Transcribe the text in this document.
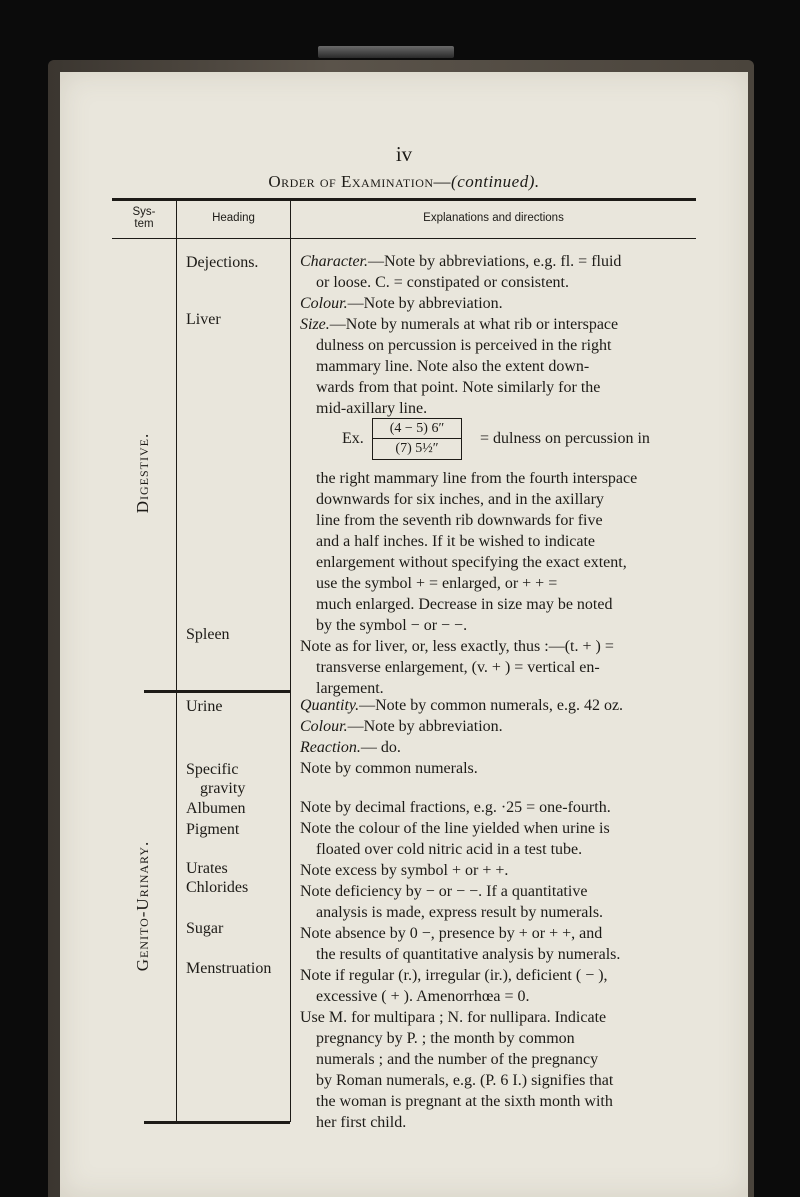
iv
Order of Examination—(continued).
Sys-
tem	Heading	Explanations and directions
Digestive.
Dejections.
Liver
Spleen
Character.—Note by abbreviations, e.g. fl. = fluid
or loose. C. = constipated or consistent.
Colour.—Note by abbreviation.
Size.—Note by numerals at what rib or interspace
dulness on percussion is perceived in the right
mammary line. Note also the extent down-
wards from that point. Note similarly for the
mid-axillary line.
Ex.
(4 − 5) 6″
(7) 5½″
= dulness on percussion in
the right mammary line from the fourth interspace
downwards for six inches, and in the axillary
line from the seventh rib downwards for five
and a half inches. If it be wished to indicate
enlargement without specifying the exact extent,
use the symbol + = enlarged, or + + =
much enlarged. Decrease in size may be noted
by the symbol − or − −.
Note as for liver, or, less exactly, thus :—(t. + ) =
transverse enlargement, (v. + ) = vertical en-
largement.
Genito-Urinary.
Urine
Specific
gravity
Albumen
Pigment
Urates
Chlorides
Sugar
Menstruation
Quantity.—Note by common numerals, e.g. 42 oz.
Colour.—Note by abbreviation.
Reaction.— do.
Note by common numerals.
Note by decimal fractions, e.g. ·25 = one-fourth.
Note the colour of the line yielded when urine is
floated over cold nitric acid in a test tube.
Note excess by symbol + or + +.
Note deficiency by − or − −. If a quantitative
analysis is made, express result by numerals.
Note absence by 0 −, presence by + or + +, and
the results of quantitative analysis by numerals.
Note if regular (r.), irregular (ir.), deficient ( − ),
excessive ( + ). Amenorrhœa = 0.
Use M. for multipara ; N. for nullipara. Indicate
pregnancy by P. ; the month by common
numerals ; and the number of the pregnancy
by Roman numerals, e.g. (P. 6 I.) signifies that
the woman is pregnant at the sixth month with
her first child.
